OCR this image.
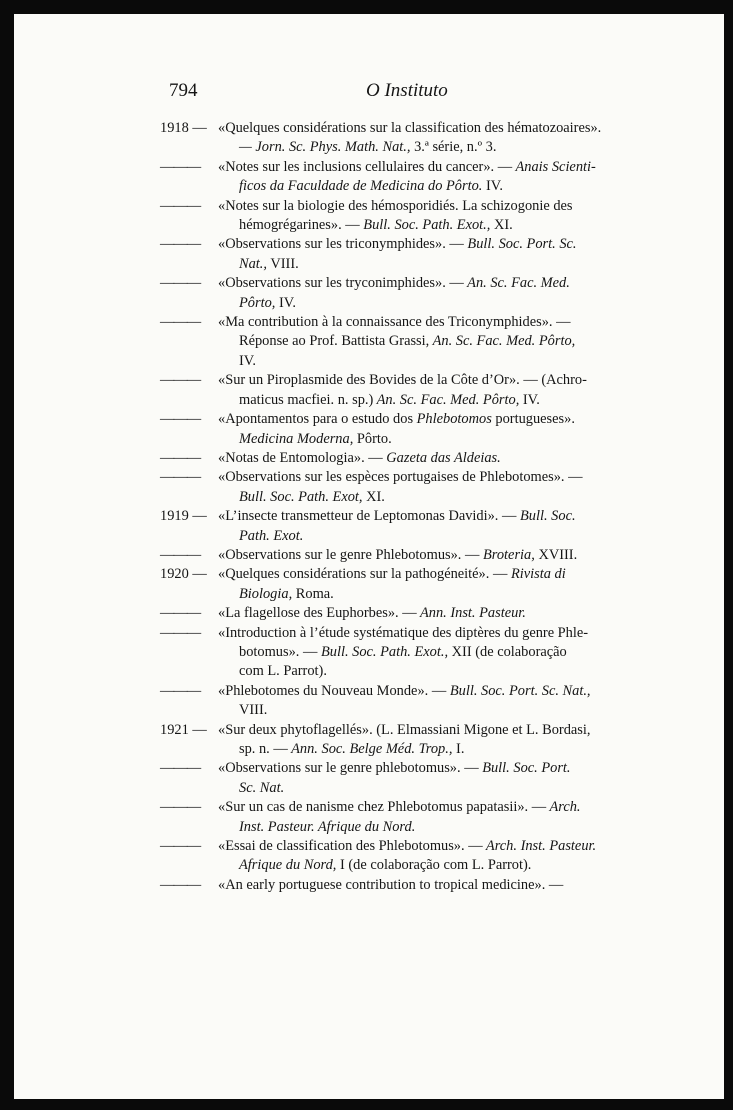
794	O Instituto
1918 — «Quelques considérations sur la classification des hématozoaires».
— Jorn. Sc. Phys. Math. Nat., 3.ª série, n.º 3.
——— «Notes sur les inclusions cellulaires du cancer». — Anais Scienti-
ficos da Faculdade de Medicina do Pôrto. IV.
——— «Notes sur la biologie des hémosporidiés. La schizogonie des
hémogrégarines». — Bull. Soc. Path. Exot., XI.
——— «Observations sur les triconymphides». — Bull. Soc. Port. Sc.
Nat., VIII.
——— «Observations sur les tryconimphides». — An. Sc. Fac. Med.
Pôrto, IV.
——— «Ma contribution à la connaissance des Triconymphides». —
Réponse ao Prof. Battista Grassi, An. Sc. Fac. Med. Pôrto,
IV.
——— «Sur un Piroplasmide des Bovides de la Côte d’Or». — (Achro-
maticus macfiei. n. sp.) An. Sc. Fac. Med. Pôrto, IV.
——— «Apontamentos para o estudo dos Phlebotomos portugueses».
Medicina Moderna, Pôrto.
——— «Notas de Entomologia». — Gazeta das Aldeias.
——— «Observations sur les espèces portugaises de Phlebotomes». —
Bull. Soc. Path. Exot, XI.
1919 — «L’insecte transmetteur de Leptomonas Davidi». — Bull. Soc.
Path. Exot.
——— «Observations sur le genre Phlebotomus». — Broteria, XVIII.
1920 — «Quelques considérations sur la pathogéneité». — Rivista di
Biologia, Roma.
——— «La flagellose des Euphorbes». — Ann. Inst. Pasteur.
——— «Introduction à l’étude systématique des diptères du genre Phle-
botomus». — Bull. Soc. Path. Exot., XII (de colaboração
com L. Parrot).
——— «Phlebotomes du Nouveau Monde». — Bull. Soc. Port. Sc. Nat.,
VIII.
1921 — «Sur deux phytoflagellés». (L. Elmassiani Migone et L. Bordasi,
sp. n. — Ann. Soc. Belge Méd. Trop., I.
——— «Observations sur le genre phlebotomus». — Bull. Soc. Port.
Sc. Nat.
——— «Sur un cas de nanisme chez Phlebotomus papatasii». — Arch.
Inst. Pasteur. Afrique du Nord.
——— «Essai de classification des Phlebotomus». — Arch. Inst. Pasteur.
Afrique du Nord, I (de colaboração com L. Parrot).
——— «An early portuguese contribution to tropical medicine». —
